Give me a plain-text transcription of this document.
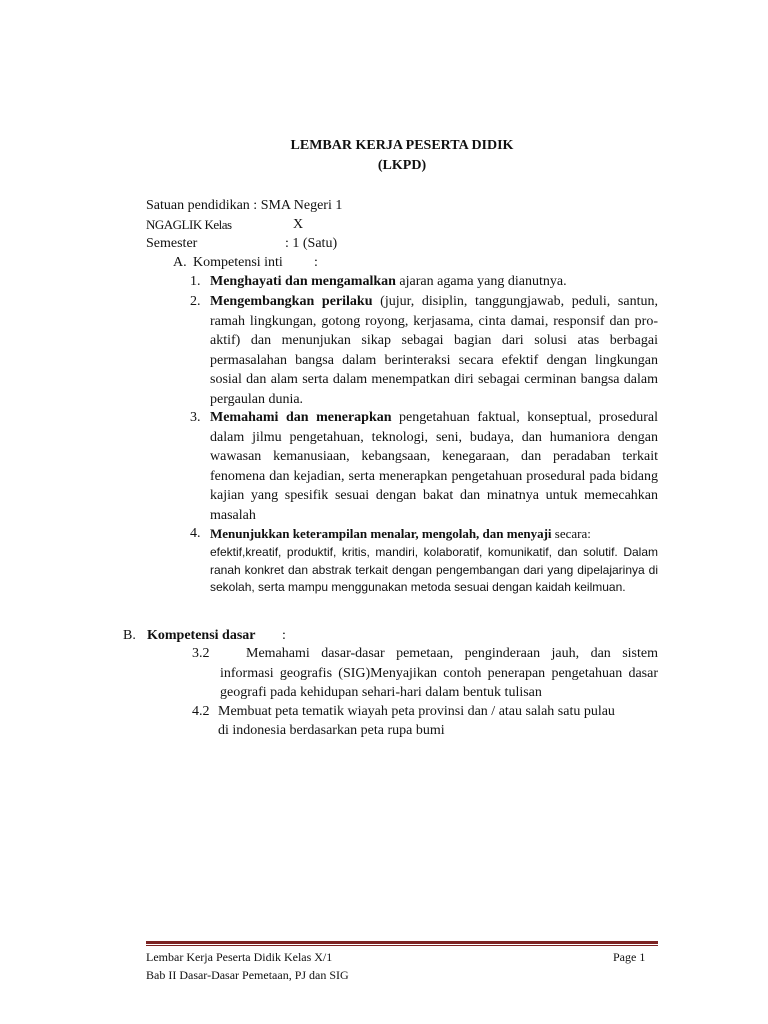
LEMBAR KERJA PESERTA DIDIK
(LKPD)
Satuan pendidikan : SMA Negeri 1
NGAGLIK Kelas	X
Semester	: 1 (Satu)
A. Kompetensi inti :
1. Menghayati dan mengamalkan ajaran agama yang dianutnya.
2. Mengembangkan perilaku (jujur, disiplin, tanggungjawab, peduli, santun, ramah lingkungan, gotong royong, kerjasama, cinta damai, responsif dan pro-aktif) dan menunjukan sikap sebagai bagian dari solusi atas berbagai permasalahan bangsa dalam berinteraksi secara efektif dengan lingkungan sosial dan alam serta dalam menempatkan diri sebagai cerminan bangsa dalam pergaulan dunia.
3. Memahami dan menerapkan pengetahuan faktual, konseptual, prosedural dalam jilmu pengetahuan, teknologi, seni, budaya, dan humaniora dengan wawasan kemanusiaan, kebangsaan, kenegaraan, dan peradaban terkait fenomena dan kejadian, serta menerapkan pengetahuan prosedural pada bidang kajian yang spesifik sesuai dengan bakat dan minatnya untuk memecahkan masalah
4. Menunjukkan keterampilan menalar, mengolah, dan menyaji secara:
efektif,kreatif, produktif, kritis, mandiri, kolaboratif, komunikatif, dan solutif. Dalam ranah konkret dan abstrak terkait dengan pengembangan dari yang dipelajarinya di sekolah, serta mampu menggunakan metoda sesuai dengan kaidah keilmuan.
B. Kompetensi dasar :
3.2	Memahami dasar-dasar pemetaan, penginderaan jauh, dan sistem informasi geografis (SIG)Menyajikan contoh penerapan pengetahuan dasar geografi pada kehidupan sehari-hari dalam bentuk tulisan
4.2 Membuat peta tematik wiayah peta provinsi dan / atau salah satu pulau
di indonesia berdasarkan peta rupa bumi
Lembar Kerja Peserta Didik Kelas X/1
Bab II Dasar-Dasar Pemetaan, PJ dan SIG
Page 1
